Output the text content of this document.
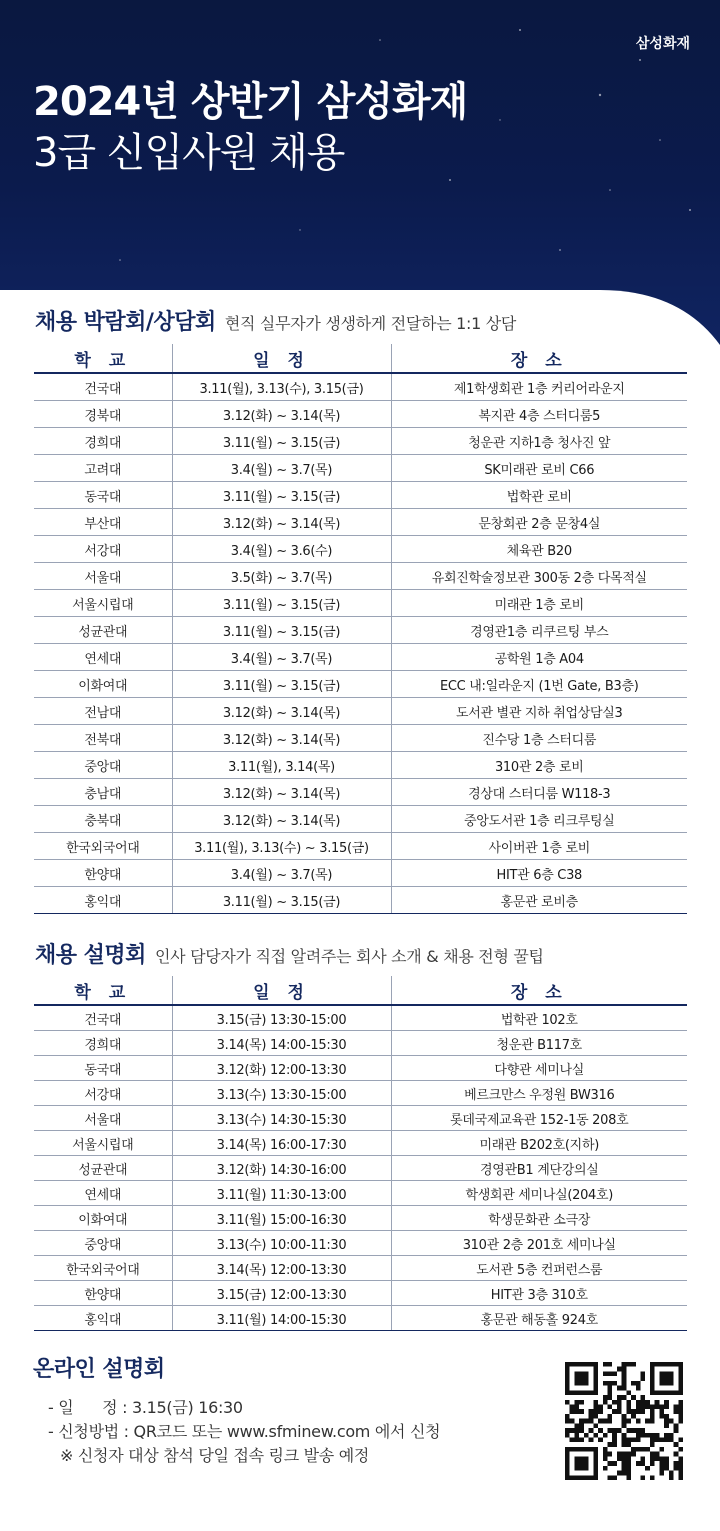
삼성화재
2024년 상반기 삼성화재
3급 신입사원 채용
채용 박람회/상담회 현직 실무자가 생생하게 전달하는 1:1 상담
학 교	일 정	장 소
건국대	3.11(월), 3.13(수), 3.15(금)	제1학생회관 1층 커리어라운지
경북대	3.12(화) ~ 3.14(목)	복지관 4층 스터디룸5
경희대	3.11(월) ~ 3.15(금)	청운관 지하1층 청사진 앞
고려대	3.4(월) ~ 3.7(목)	SK미래관 로비 C66
동국대	3.11(월) ~ 3.15(금)	법학관 로비
부산대	3.12(화) ~ 3.14(목)	문창회관 2층 문창4실
서강대	3.4(월) ~ 3.6(수)	체육관 B20
서울대	3.5(화) ~ 3.7(목)	유회진학술정보관 300동 2층 다목적실
서울시립대	3.11(월) ~ 3.15(금)	미래관 1층 로비
성균관대	3.11(월) ~ 3.15(금)	경영관1층 리쿠르팅 부스
연세대	3.4(월) ~ 3.7(목)	공학원 1층 A04
이화여대	3.11(월) ~ 3.15(금)	ECC 내:일라운지 (1번 Gate, B3층)
전남대	3.12(화) ~ 3.14(목)	도서관 별관 지하 취업상담실3
전북대	3.12(화) ~ 3.14(목)	진수당 1층 스터디룸
중앙대	3.11(월), 3.14(목)	310관 2층 로비
충남대	3.12(화) ~ 3.14(목)	경상대 스터디룸 W118-3
충북대	3.12(화) ~ 3.14(목)	중앙도서관 1층 리크루팅실
한국외국어대	3.11(월), 3.13(수) ~ 3.15(금)	사이버관 1층 로비
한양대	3.4(월) ~ 3.7(목)	HIT관 6층 C38
홍익대	3.11(월) ~ 3.15(금)	홍문관 로비층
채용 설명회 인사 담당자가 직접 알려주는 회사 소개 & 채용 전형 꿀팁
학 교	일 정	장 소
건국대	3.15(금) 13:30-15:00	법학관 102호
경희대	3.14(목) 14:00-15:30	청운관 B117호
동국대	3.12(화) 12:00-13:30	다향관 세미나실
서강대	3.13(수) 13:30-15:00	베르크만스 우정원 BW316
서울대	3.13(수) 14:30-15:30	롯데국제교육관 152-1동 208호
서울시립대	3.14(목) 16:00-17:30	미래관 B202호(지하)
성균관대	3.12(화) 14:30-16:00	경영관B1 계단강의실
연세대	3.11(월) 11:30-13:00	학생회관 세미나실(204호)
이화여대	3.11(월) 15:00-16:30	학생문화관 소극장
중앙대	3.13(수) 10:00-11:30	310관 2층 201호 세미나실
한국외국어대	3.14(목) 12:00-13:30	도서관 5층 컨퍼런스룸
한양대	3.15(금) 12:00-13:30	HIT관 3층 310호
홍익대	3.11(월) 14:00-15:30	홍문관 해동홀 924호
온라인 설명회
- 일      정 : 3.15(금) 16:30
- 신청방법 : QR코드 또는 www.sfminew.com 에서 신청
※ 신청자 대상 참석 당일 접속 링크 발송 예정
